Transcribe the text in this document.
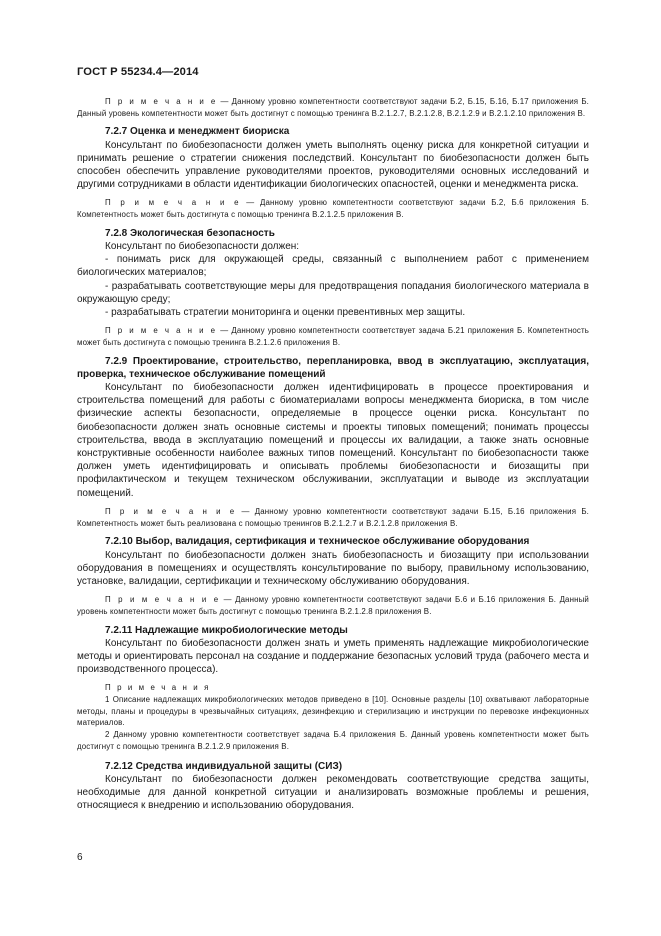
ГОСТ Р 55234.4—2014

П р и м е ч а н и е — Данному уровню компетентности соответствуют задачи Б.2, Б.15, Б.16, Б.17 приложения Б. Данный уровень компетентности может быть достигнут с помощью тренинга В.2.1.2.7, В.2.1.2.8, В.2.1.2.9 и В.2.1.2.10 приложения В.

7.2.7 Оценка и менеджмент биориска

Консультант по биобезопасности должен уметь выполнять оценку риска для конкретной ситуации и принимать решение о стратегии снижения последствий. Консультант по биобезопасности должен быть способен обеспечить управление руководителями проектов, руководителями основных исследований и другими сотрудниками в области идентификации биологических опасностей, оценки и менеджмента риска.

П р и м е ч а н и е — Данному уровню компетентности соответствуют задачи Б.2, Б.6 приложения Б. Компетентность может быть достигнута с помощью тренинга В.2.1.2.5 приложения В.

7.2.8 Экологическая безопасность

Консультант по биобезопасности должен:

- понимать риск для окружающей среды, связанный с выполнением работ с применением биологических материалов;

- разрабатывать соответствующие меры для предотвращения попадания биологического материала в окружающую среду;

- разрабатывать стратегии мониторинга и оценки превентивных мер защиты.

П р и м е ч а н и е — Данному уровню компетентности соответствует задача Б.21 приложения Б. Компетентность может быть достигнута с помощью тренинга В.2.1.2.6 приложения В.

7.2.9 Проектирование, строительство, перепланировка, ввод в эксплуатацию, эксплуатация, проверка, техническое обслуживание помещений

Консультант по биобезопасности должен идентифицировать в процессе проектирования и строительства помещений для работы с биоматериалами вопросы менеджмента биориска, в том числе физические аспекты безопасности, определяемые в процессе оценки риска. Консультант по биобезопасности должен знать основные системы и проекты типовых помещений; понимать процессы строительства, ввода в эксплуатацию помещений и процессы их валидации, а также знать основные конструктивные особенности наиболее важных типов помещений. Консультант по биобезопасности также должен уметь идентифицировать и описывать проблемы биобезопасности и биозащиты при профилактическом и текущем техническом обслуживании, эксплуатации и выводе из эксплуатации помещений.

П р и м е ч а н и е — Данному уровню компетентности соответствуют задачи Б.15, Б.16 приложения Б. Компетентность может быть реализована с помощью тренингов В.2.1.2.7 и В.2.1.2.8 приложения В.

7.2.10 Выбор, валидация, сертификация и техническое обслуживание оборудования

Консультант по биобезопасности должен знать биобезопасность и биозащиту при использовании оборудования в помещениях и осуществлять консультирование по выбору, правильному использованию, установке, валидации, сертификации и техническому обслуживанию оборудования.

П р и м е ч а н и е — Данному уровню компетентности соответствуют задачи Б.6 и Б.16 приложения Б. Данный уровень компетентности может быть достигнут с помощью тренинга В.2.1.2.8 приложения В.

7.2.11 Надлежащие микробиологические методы

Консультант по биобезопасности должен знать и уметь применять надлежащие микробиологические методы и ориентировать персонал на создание и поддержание безопасных условий труда (рабочего места и производственного процесса).

П р и м е ч а н и я

1 Описание надлежащих микробиологических методов приведено в [10]. Основные разделы [10] охватывают лабораторные методы, планы и процедуры в чрезвычайных ситуациях, дезинфекцию и стерилизацию и инструкции по перевозке инфекционных материалов.

2 Данному уровню компетентности соответствует задача Б.4 приложения Б. Данный уровень компетентности может быть достигнут с помощью тренинга В.2.1.2.9 приложения В.

7.2.12 Средства индивидуальной защиты (СИЗ)

Консультант по биобезопасности должен рекомендовать соответствующие средства защиты, необходимые для данной конкретной ситуации и анализировать возможные проблемы и решения, относящиеся к внедрению и использованию оборудования.

6
